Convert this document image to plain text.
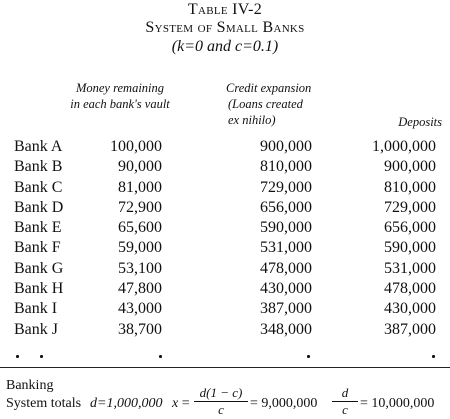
Table IV-2
System of Small Banks
(k=0 and c=0.1)
Money remaining
in each bank's vault
Credit expansion
(Loans created
ex nihilo)	Deposits
Bank A	100,000	900,000	1,000,000
Bank B	90,000	810,000	900,000
Bank C	81,000	729,000	810,000
Bank D	72,900	656,000	729,000
Bank E	65,600	590,000	656,000
Bank F	59,000	531,000	590,000
Bank G	53,100	478,000	531,000
Bank H	47,800	430,000	478,000
Bank I	43,000	387,000	430,000
Bank J	38,700	348,000	387,000
Banking
System totals d=1,000,000 x =
d(1 − c)
c	= 9,000,000
d
c = 10,000,000
